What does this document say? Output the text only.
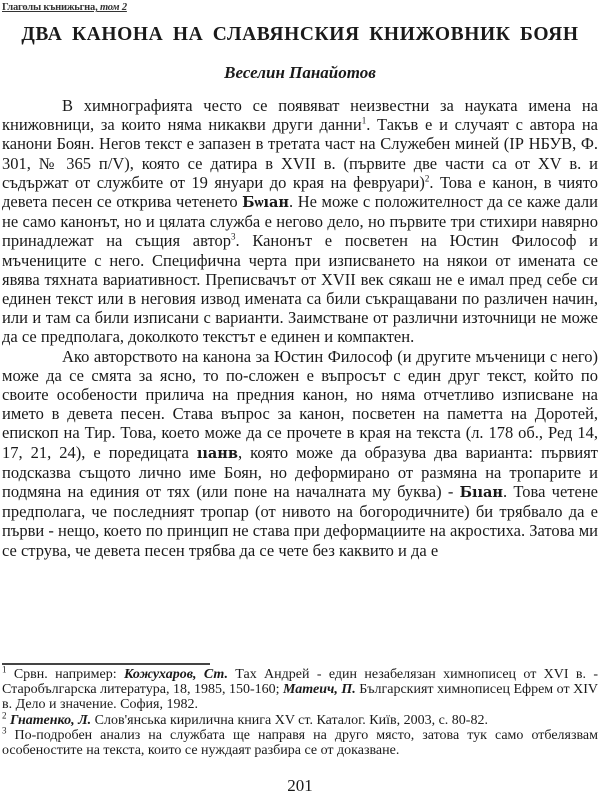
Глаголы кънижьгна, том 2
ДВА КАНОНА НА СЛАВЯНСКИЯ КНИЖОВНИК БОЯН
Веселин Панайотов

В химнографията често се появяват неизвестни за науката имена на книжовници, за които няма никакви други данни$^1$. Такъв е и случаят с автора на канони Боян. Негов текст е запазен в третата част на Служебен миней (IР НБУВ, Ф. 301, № 365 п/V), която се датира в XVII в. (първите две части са от XV в. и съдържат от службите от 19 януари до края на февруари)$^2$. Това е канон, в чиято девета песен се открива четенето Бѡıан. Не може с положителност да се каже дали не само канонът, но и цялата служба е негово дело, но първите три стихири навярно принадлежат на същия автор$^3$. Канонът е посветен на Юстин Философ и мъчениците с него. Специфична черта при изписването на някои от имената се явява тяхната вариативност. Преписвачът от XVII век сякаш не е имал пред себе си единен текст или в неговия извод имената са били съкращавани по различен начин, или и там са били изписани с варианти. Заимстване от различни източници не може да се предполага, доколкото текстът е единен и компактен.

Ако авторството на канона за Юстин Философ (и другите мъченици с него) може да се смята за ясно, то по-сложен е въпросът с един друг текст, който по своите особености прилича на предния канон, но няма отчетливо изписване на името в девета песен. Става въпрос за канон, посветен на паметта на Доротей, епископ на Тир. Това, което може да се прочете в края на текста (л. 178 об., Ред 14, 17, 21, 24), е поредицата ııанв, която може да образува два варианта: първият подсказва същото лично име Боян, но деформирано от размяна на тропарите и подмяна на единия от тях (или поне на началната му буква) - Бııан. Това четене предполага, че последният тропар (от нивото на богородичните) би трябвало да е първи - нещо, което по принцип не става при деформациите на акростиха. Затова ми се струва, че девета песен трябва да се чете без каквито и да е

$^1$ Срвн. например: Кожухаров, Ст. Тах Андрей - един незабелязан химнописец от XVI в. - Старобългарска литература, 18, 1985, 150-160; Матеич, П. Българският химнописец Ефрем от XIV в. Дело и значение. София, 1982.

$^2$ Гнатенко, Л. Слов'янська кирилична книга XV ст. Каталог. Київ, 2003, с. 80-82.

$^3$ По-подробен анализ на службата ще направя на друго място, затова тук само отбелязвам особеностите на текста, които се нуждаят разбира се от доказване.

201
